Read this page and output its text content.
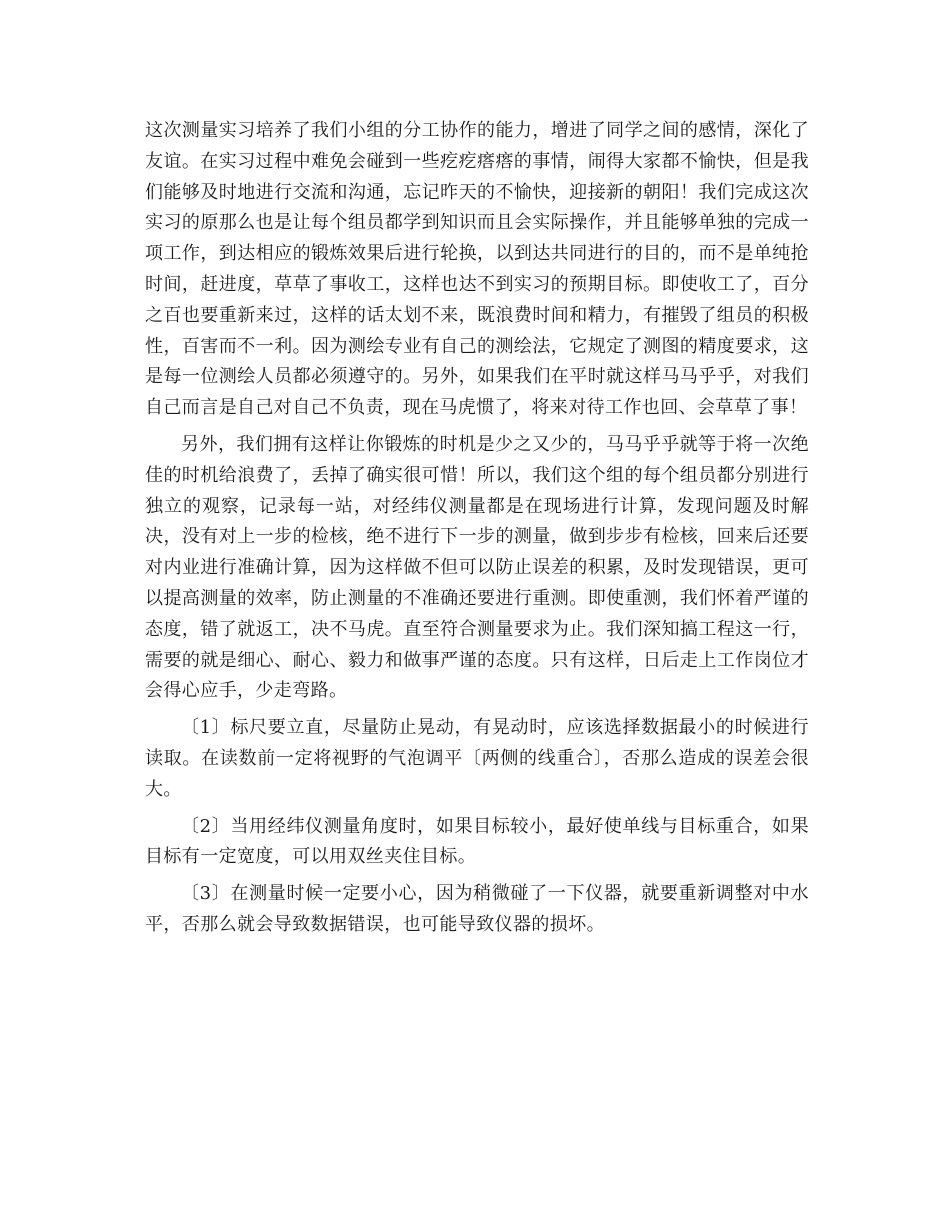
这次测量实习培养了我们小组的分工协作的能力，增进了同学之间的感情，深化了友谊。在实习过程中难免会碰到一些疙疙瘩瘩的事情，闹得大家都不愉快，但是我们能够及时地进行交流和沟通，忘记昨天的不愉快，迎接新的朝阳！我们完成这次实习的原那么也是让每个组员都学到知识而且会实际操作，并且能够单独的完成一项工作，到达相应的锻炼效果后进行轮换，以到达共同进行的目的，而不是单纯抢时间，赶进度，草草了事收工，这样也达不到实习的预期目标。即使收工了，百分之百也要重新来过，这样的话太划不来，既浪费时间和精力，有摧毁了组员的积极性，百害而不一利。因为测绘专业有自己的测绘法，它规定了测图的精度要求，这是每一位测绘人员都必须遵守的。另外，如果我们在平时就这样马马乎乎，对我们自己而言是自己对自己不负责，现在马虎惯了，将来对待工作也回、会草草了事！

另外，我们拥有这样让你锻炼的时机是少之又少的，马马乎乎就等于将一次绝佳的时机给浪费了，丢掉了确实很可惜！所以，我们这个组的每个组员都分别进行独立的观察，记录每一站，对经纬仪测量都是在现场进行计算，发现问题及时解决，没有对上一步的检核，绝不进行下一步的测量，做到步步有检核，回来后还要对内业进行准确计算，因为这样做不但可以防止误差的积累，及时发现错误，更可以提高测量的效率，防止测量的不准确还要进行重测。即使重测，我们怀着严谨的态度，错了就返工，决不马虎。直至符合测量要求为止。我们深知搞工程这一行，需要的就是细心、耐心、毅力和做事严谨的态度。只有这样，日后走上工作岗位才会得心应手，少走弯路。

〔1〕标尺要立直，尽量防止晃动，有晃动时，应该选择数据最小的时候进行读取。在读数前一定将视野的气泡调平〔两侧的线重合〕，否那么造成的误差会很大。

〔2〕当用经纬仪测量角度时，如果目标较小，最好使单线与目标重合，如果目标有一定宽度，可以用双丝夹住目标。

〔3〕在测量时候一定要小心，因为稍微碰了一下仪器，就要重新调整对中水平，否那么就会导致数据错误，也可能导致仪器的损坏。
